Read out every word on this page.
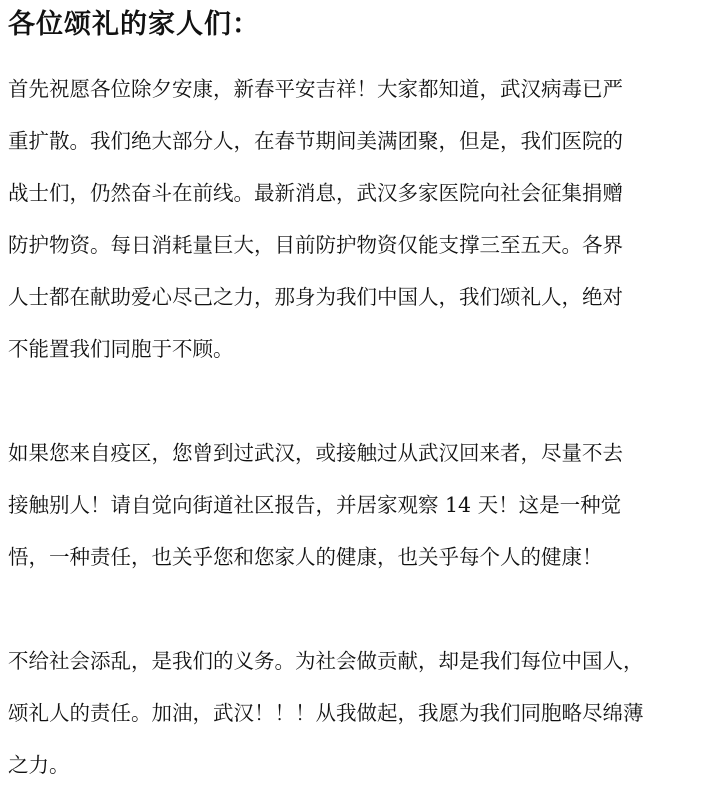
各位颂礼的家人们：
首先祝愿各位除夕安康，新春平安吉祥！大家都知道，武汉病毒已严
重扩散。我们绝大部分人，在春节期间美满团聚，但是，我们医院的
战士们，仍然奋斗在前线。最新消息，武汉多家医院向社会征集捐赠
防护物资。每日消耗量巨大，目前防护物资仅能支撑三至五天。各界
人士都在献助爱心尽己之力，那身为我们中国人，我们颂礼人，绝对
不能置我们同胞于不顾。
如果您来自疫区，您曾到过武汉，或接触过从武汉回来者，尽量不去
接触别人！请自觉向街道社区报告，并居家观察 14 天！这是一种觉
悟，一种责任，也关乎您和您家人的健康，也关乎每个人的健康！
不给社会添乱，是我们的义务。为社会做贡献，却是我们每位中国人，
颂礼人的责任。加油，武汉！！！从我做起，我愿为我们同胞略尽绵薄
之力。
